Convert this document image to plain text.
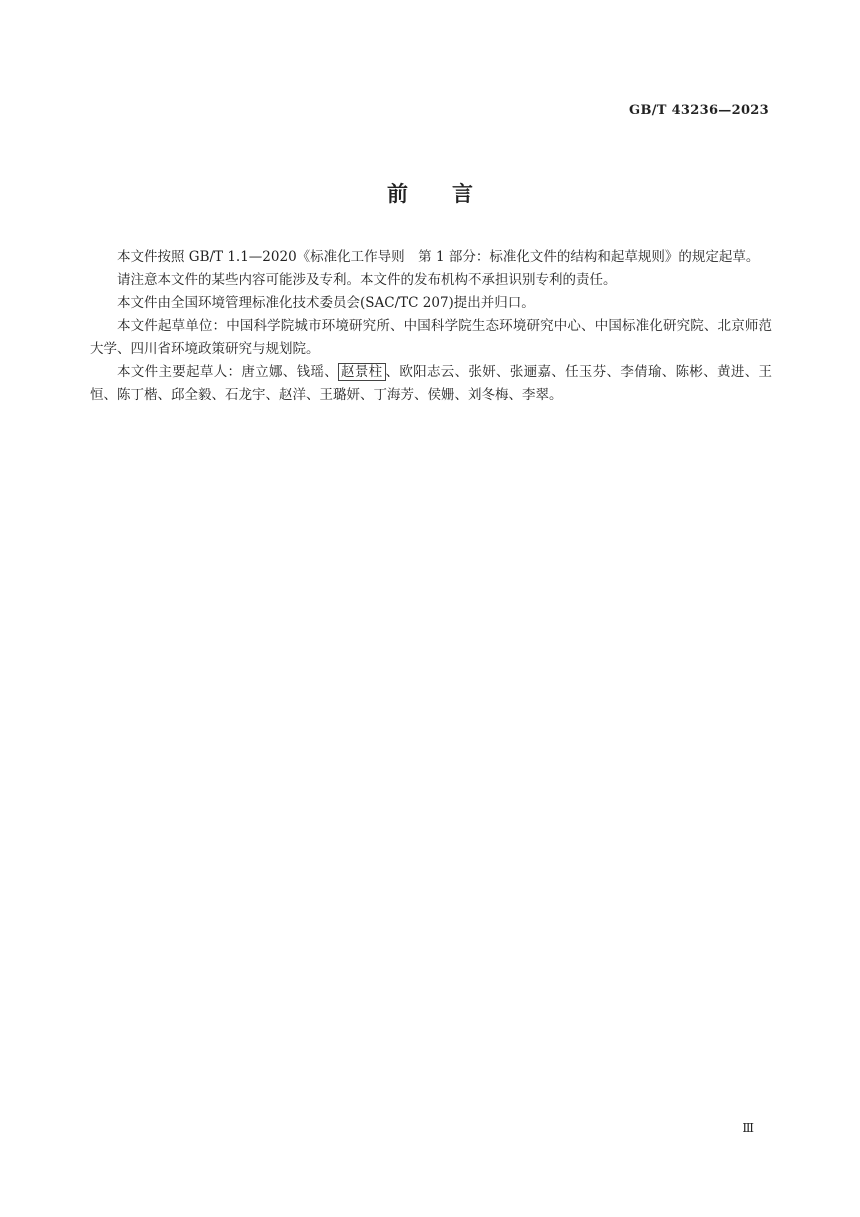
GB/T 43236—2023
前 言

本文件按照 GB/T 1.1—2020《标准化工作导则　第 1 部分：标准化文件的结构和起草规则》的规定起草。

请注意本文件的某些内容可能涉及专利。本文件的发布机构不承担识别专利的责任。

本文件由全国环境管理标准化技术委员会(SAC/TC 207)提出并归口。

本文件起草单位：中国科学院城市环境研究所、中国科学院生态环境研究中心、中国标准化研究院、北京师范大学、四川省环境政策研究与规划院。

本文件主要起草人：唐立娜、钱瑶、 赵景柱 、欧阳志云、张妍、张逦嘉、任玉芬、李倩瑜、陈彬、黄进、王恒、陈丁楷、邱全毅、石龙宇、赵洋、王璐妍、丁海芳、侯姗、刘冬梅、李翠。

Ⅲ
